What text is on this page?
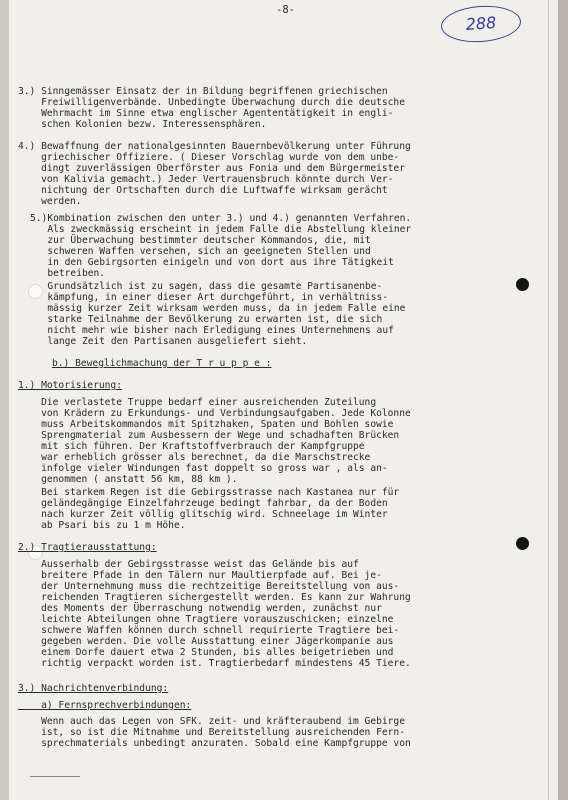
-8-
288
3.) Sinngemässer Einsatz der in Bildung begriffenen griechischen
Freiwilligenverbände. Unbedingte Überwachung durch die deutsche
Wehrmacht im Sinne etwa englischer Agententätigkeit in engli-
schen Kolonien bezw. Interessensphären.
4.) Bewaffnung der nationalgesinnten Bauernbevölkerung unter Führung
griechischer Offiziere. ( Dieser Vorschlag wurde von dem unbe-
dingt zuverlässigen Oberförster aus Fonia und dem Bürgermeister
von Kalivia gemacht.) Jeder Vertrauensbruch könnte durch Ver-
nichtung der Ortschaften durch die Luftwaffe wirksam gerächt
werden.
5.)Kombination zwischen den unter 3.) und 4.) genannten Verfahren.
Als zweckmässig erscheint in jedem Falle die Abstellung kleiner
zur Überwachung bestimmter deutscher Kommandos, die, mit
schweren Waffen versehen, sich an geeigneten Stellen und
in den Gebirgsorten einigeln und von dort aus ihre Tätigkeit
betreiben.
Grundsätzlich ist zu sagen, dass die gesamte Partisanenbe-
kämpfung, in einer dieser Art durchgeführt, in verhältniss-
mässig kurzer Zeit wirksam werden muss, da in jedem Falle eine
starke Teilnahme der Bevölkerung zu erwarten ist, die sich
nicht mehr wie bisher nach Erledigung eines Unternehmens auf
lange Zeit den Partisanen ausgeliefert sieht.
b.) Beweglichmachung der T r u p p e :
1.) Motorisierung:
Die verlastete Truppe bedarf einer ausreichenden Zuteilung
von Krädern zu Erkundungs- und Verbindungsaufgaben. Jede Kolonne
muss Arbeitskommandos mit Spitzhaken, Spaten und Bohlen sowie
Sprengmaterial zum Ausbessern der Wege und schadhaften Brücken
mit sich führen. Der Kraftstoffverbrauch der Kampfgruppe
war erheblich grösser als berechnet, da die Marschstrecke
infolge vieler Windungen fast doppelt so gross war , als an-
genommen ( anstatt 56 km, 88 km ).
Bei starkem Regen ist die Gebirgsstrasse nach Kastanea nur für
geländegängige Einzelfahrzeuge bedingt fahrbar, da der Boden
nach kurzer Zeit völlig glitschig wird. Schneelage im Winter
ab Psari bis zu 1 m Höhe.
2.) Tragtierausstattung:
Ausserhalb der Gebirgsstrasse weist das Gelände bis auf
breitere Pfade in den Tälern nur Maultierpfade auf. Bei je-
der Unternehmung muss die rechtzeitige Bereitstellung von aus-
reichenden Tragtieren sichergestellt werden. Es kann zur Wahrung
des Moments der Überraschung notwendig werden, zunächst nur
leichte Abteilungen ohne Tragtiere vorauszuschicken; einzelne
schwere Waffen können durch schnell requirierte Tragtiere bei-
gegeben werden. Die volle Ausstattung einer Jägerkompanie aus
einem Dorfe dauert etwa 2 Stunden, bis alles beigetrieben und
richtig verpackt worden ist. Tragtierbedarf mindestens 45 Tiere.
3.) Nachrichtenverbindung:
a) Fernsprechverbindungen:
Wenn auch das Legen von SFK. zeit- und kräfteraubend im Gebirge
ist, so ist die Mitnahme und Bereitstellung ausreichenden Fern-
sprechmaterials unbedingt anzuraten. Sobald eine Kampfgruppe von
